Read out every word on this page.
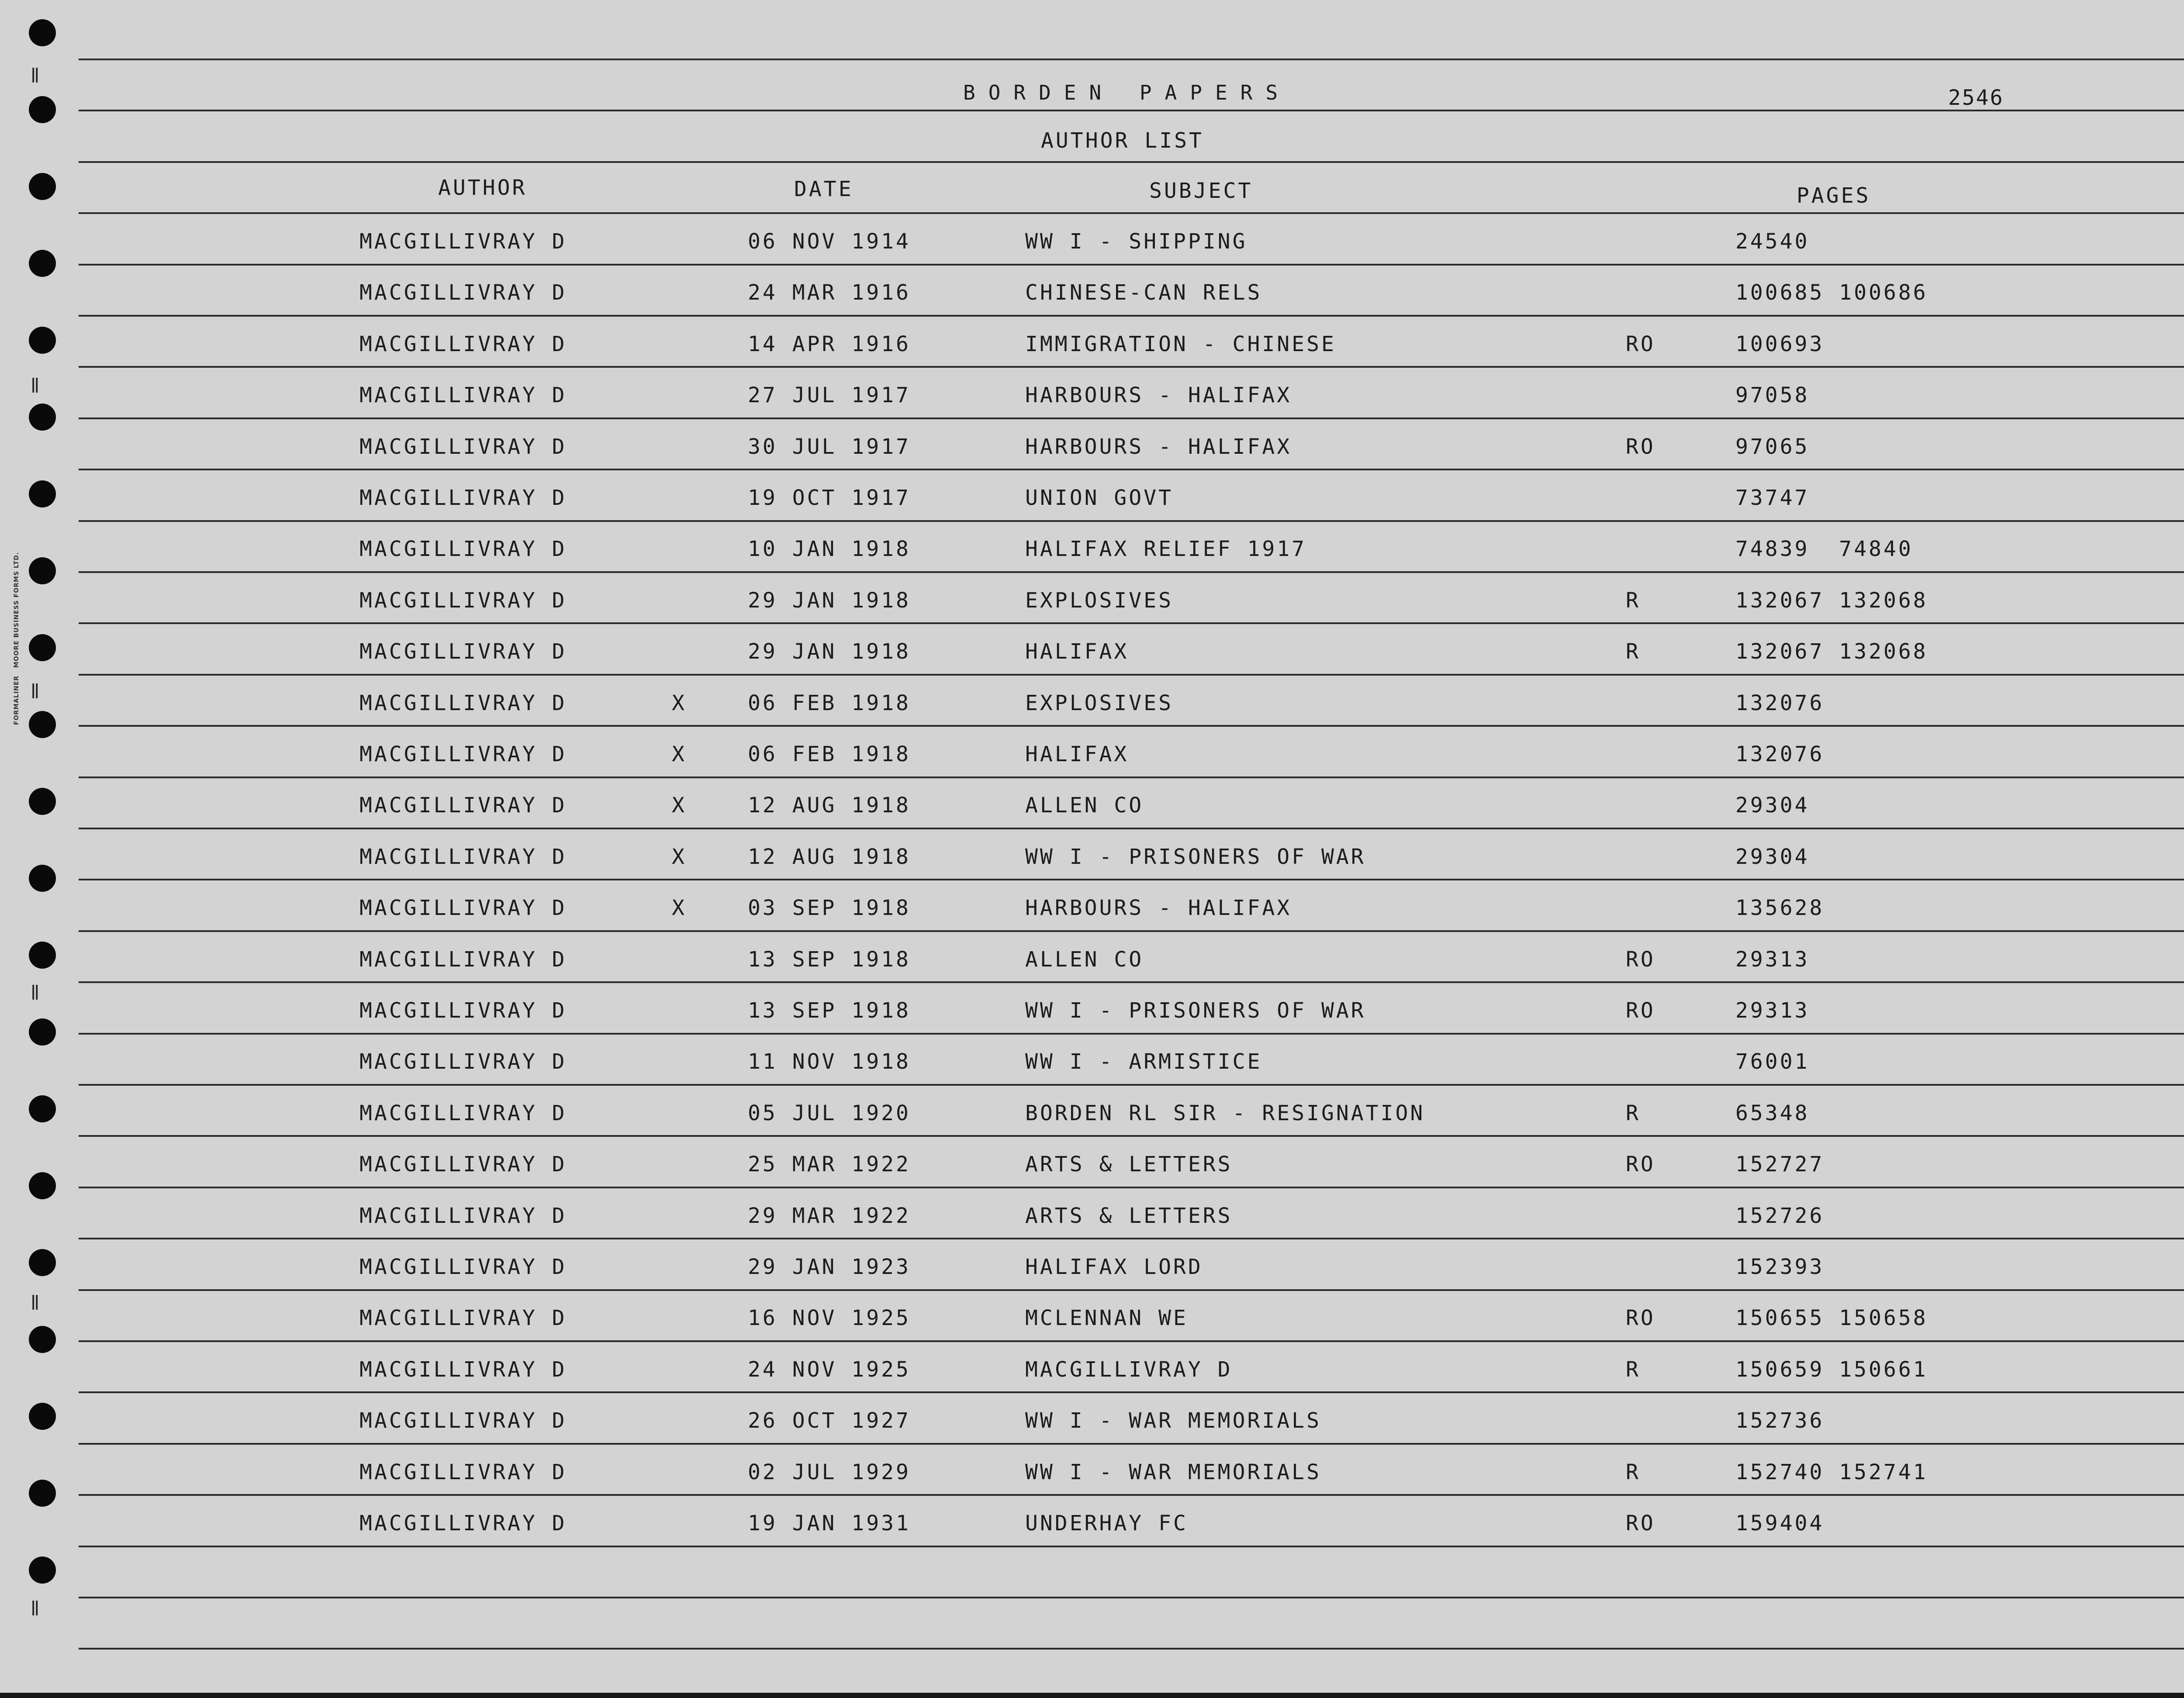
‖
‖
‖
‖
‖
‖
FORMALINER   MOORE BUSINESS FORMS LTD.
BORDEN PAPERS	2546
AUTHOR LIST
AUTHOR	DATE	SUBJECT	PAGES
MACGILLIVRAY D	06 NOV 1914	WW I - SHIPPING	24540
MACGILLIVRAY D	24 MAR 1916	CHINESE-CAN RELS	100685 100686
MACGILLIVRAY D	14 APR 1916	IMMIGRATION - CHINESE	RO	100693
MACGILLIVRAY D	27 JUL 1917	HARBOURS - HALIFAX	97058
MACGILLIVRAY D	30 JUL 1917	HARBOURS - HALIFAX	RO	97065
MACGILLIVRAY D	19 OCT 1917	UNION GOVT	73747
MACGILLIVRAY D	10 JAN 1918	HALIFAX RELIEF 1917	74839  74840
MACGILLIVRAY D	29 JAN 1918	EXPLOSIVES	R	132067 132068
MACGILLIVRAY D	29 JAN 1918	HALIFAX	R	132067 132068
MACGILLIVRAY D	X	06 FEB 1918	EXPLOSIVES	132076
MACGILLIVRAY D	X	06 FEB 1918	HALIFAX	132076
MACGILLIVRAY D	X	12 AUG 1918	ALLEN CO	29304
MACGILLIVRAY D	X	12 AUG 1918	WW I - PRISONERS OF WAR	29304
MACGILLIVRAY D	X	03 SEP 1918	HARBOURS - HALIFAX	135628
MACGILLIVRAY D	13 SEP 1918	ALLEN CO	RO	29313
MACGILLIVRAY D	13 SEP 1918	WW I - PRISONERS OF WAR	RO	29313
MACGILLIVRAY D	11 NOV 1918	WW I - ARMISTICE	76001
MACGILLIVRAY D	05 JUL 1920	BORDEN RL SIR - RESIGNATION	R	65348
MACGILLIVRAY D	25 MAR 1922	ARTS & LETTERS	RO	152727
MACGILLIVRAY D	29 MAR 1922	ARTS & LETTERS	152726
MACGILLIVRAY D	29 JAN 1923	HALIFAX LORD	152393
MACGILLIVRAY D	16 NOV 1925	MCLENNAN WE	RO	150655 150658
MACGILLIVRAY D	24 NOV 1925	MACGILLIVRAY D	R	150659 150661
MACGILLIVRAY D	26 OCT 1927	WW I - WAR MEMORIALS	152736
MACGILLIVRAY D	02 JUL 1929	WW I - WAR MEMORIALS	R	152740 152741
MACGILLIVRAY D	19 JAN 1931	UNDERHAY FC	RO	159404
